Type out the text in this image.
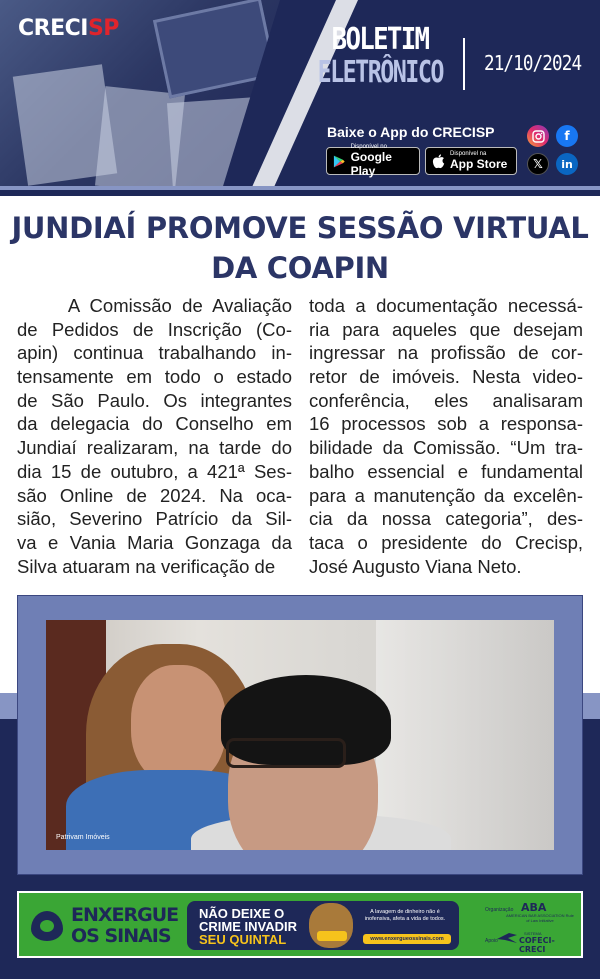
CRECISP	BOLETIM
ELETRÔNICO 21/10/2024
Baixe o App do CRECISP
Disponível no
Google Play
Disponível na
App Store
f
𝕏	in
JUNDIAÍ PROMOVE SESSÃO VIRTUAL
DA COAPIN
A Comissão de Avaliação
de Pedidos de Inscrição (Co-
apin) continua trabalhando in-
tensamente em todo o estado
de São Paulo. Os integrantes
da delegacia do Conselho em
Jundiaí realizaram, na tarde do
dia 15 de outubro, a 421ª Ses-
são Online de 2024. Na oca-
sião, Severino Patrício da Sil-
va e Vania Maria Gonzaga da
Silva atuaram na verificação de
toda a documentação necessá-
ria para aqueles que desejam
ingressar na profissão de cor-
retor de imóveis. Nesta video-
conferência, eles analisaram
16 processos sob a responsa-
bilidade da Comissão. “Um tra-
balho essencial e fundamental
para a manutenção da excelên-
cia da nossa categoria”, des-
taca o presidente do Crecisp,
José Augusto Viana Neto.
Patrivam Imóveis
ENXERGUE
OS SINAIS
NÃO DEIXE O
CRIME INVADIR
SEU QUINTAL
A lavagem de dinheiro não é inofensiva, afeta a vida de todos.
www.enxergueossinais.com
Organização ABA
AMERICAN BAR ASSOCIATION Rule of Law Initiative
Apoio
SISTEMA
COFECI-CRECI
